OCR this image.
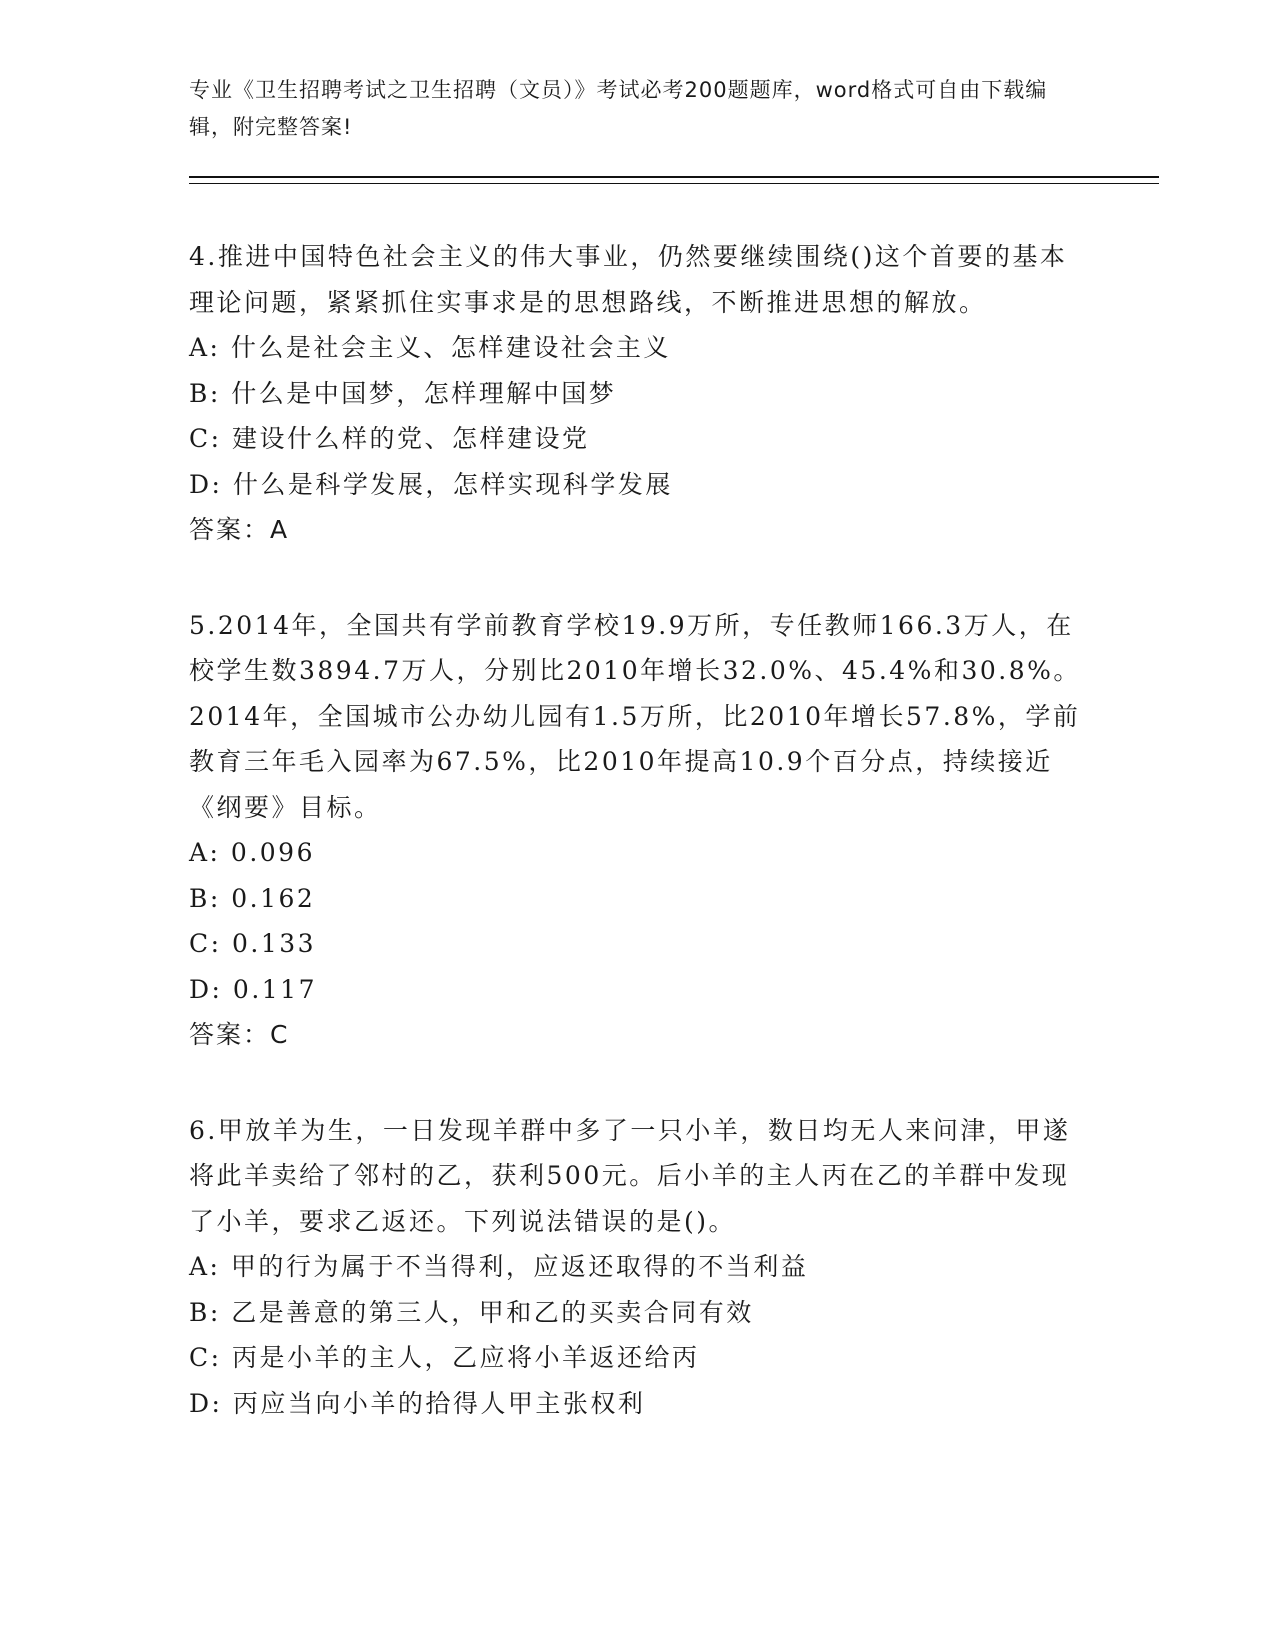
专业《卫生招聘考试之卫生招聘（文员）》考试必考200题题库，word格式可自由下载编辑，附完整答案!
4.推进中国特色社会主义的伟大事业，仍然要继续围绕()这个首要的基本理论问题，紧紧抓住实事求是的思想路线，不断推进思想的解放。
A: 什么是社会主义、怎样建设社会主义
B: 什么是中国梦，怎样理解中国梦
C: 建设什么样的党、怎样建设党
D: 什么是科学发展，怎样实现科学发展
答案：A
5.2014年，全国共有学前教育学校19.9万所，专任教师166.3万人，在校学生数3894.7万人，分别比2010年增长32.0%、45.4%和30.8%。2014年，全国城市公办幼儿园有1.5万所，比2010年增长57.8%，学前教育三年毛入园率为67.5%，比2010年提高10.9个百分点，持续接近《纲要》目标。
A: 0.096
B: 0.162
C: 0.133
D: 0.117
答案：C
6.甲放羊为生，一日发现羊群中多了一只小羊，数日均无人来问津，甲遂将此羊卖给了邻村的乙，获利500元。后小羊的主人丙在乙的羊群中发现了小羊，要求乙返还。下列说法错误的是()。
A: 甲的行为属于不当得利，应返还取得的不当利益
B: 乙是善意的第三人，甲和乙的买卖合同有效
C: 丙是小羊的主人，乙应将小羊返还给丙
D: 丙应当向小羊的拾得人甲主张权利
